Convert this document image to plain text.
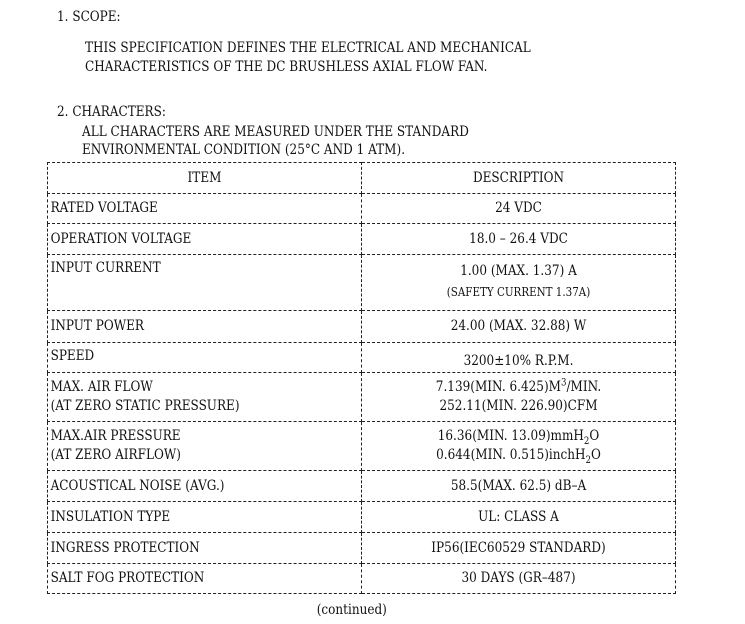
1. SCOPE:
THIS SPECIFICATION DEFINES THE ELECTRICAL AND MECHANICAL
CHARACTERISTICS OF THE DC BRUSHLESS AXIAL FLOW FAN.
2. CHARACTERS:
ALL CHARACTERS ARE MEASURED UNDER THE STANDARD
ENVIRONMENTAL CONDITION (25°C AND 1 ATM).
ITEM	DESCRIPTION

RATED VOLTAGE	24 VDC

OPERATION VOLTAGE	18.0 – 26.4 VDC

INPUT CURRENT	1.00 (MAX. 1.37) A
(SAFETY CURRENT 1.37A)

INPUT POWER	24.00 (MAX. 32.88) W

SPEED	3200±10% R.P.M.

MAX. AIR FLOW
(AT ZERO STATIC PRESSURE)	7.139(MIN. $6.425)M^3$/MIN.
252.11(MIN. 226.90)CFM

MAX.AIR PRESSURE
(AT ZERO AIRFLOW)	16.36(MIN. 13.09)mmH$_2$O
0.644(MIN. 0.515)inchH$_2$O

ACOUSTICAL NOISE (AVG.)	58.5(MAX. 62.5) dB–A

INSULATION TYPE	UL: CLASS A

INGRESS PROTECTION	IP56(IEC60529 STANDARD)

SALT FOG PROTECTION	30 DAYS (GR–487)
(continued)
